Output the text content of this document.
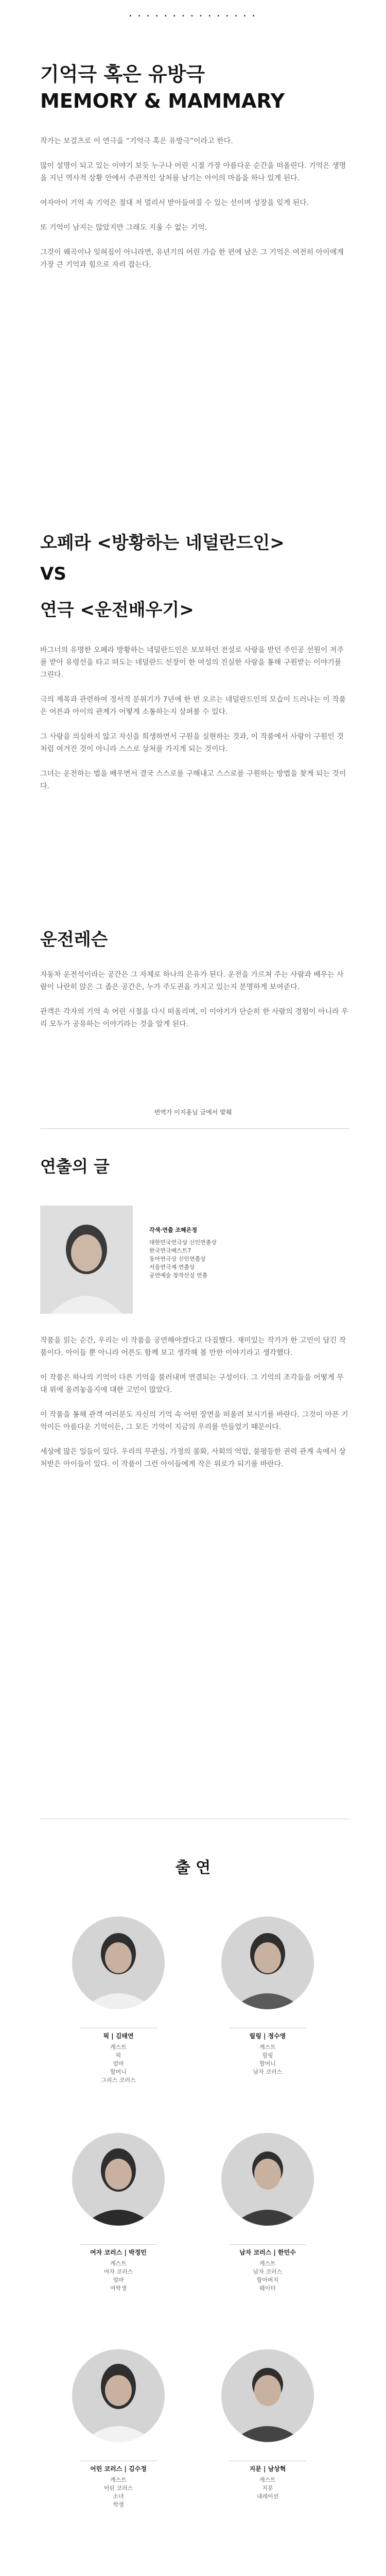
• • • • • • • • • • • • • • •
기억극 혹은 유방극
MEMORY & MAMMARY

작가는 보걸츠로 이 연극을 “기억극 혹은 유방극”이라고 한다.

많이 설명이 되고 있는 이야기 보듯 누구나 어린 시절 가장 아름다운 순간을 떠올린다. 기억은 생명을 지닌 역사적 상황 안에서 주관적인 상처를 남기는 아이의 마음을 하나 있게 된다.

여자아이 기억 속 기억은 절대 저 멀리서 받아들여질 수 있는 선이며 성장을 잊게 된다.

또 기억이 남지는 않았지만 그래도 지울 수 없는 기억.

그것이 왜곡이나 잊혀짐이 아니라면, 유년기의 어린 가슴 한 편에 남은 그 기억은 여전히 아이에게 가장 큰 기억과 힘으로 자리 잡는다.

오페라 <방황하는 네덜란드인>
VS
연극 <운전배우기>

바그너의 유명한 오페라 방황하는 네덜란드인은 보보하던 전설로 사랑을 받던 주인공 선원이 저주를 받아 유령선을 타고 떠도는 네덜란드 선장이 한 여성의 진실한 사랑을 통해 구원받는 이야기를 그린다.

극의 제목과 관련하여 정서적 분위기가 7년에 한 번 오르는 네덜란드인의 모습이 드러나는 이 작품은 어른과 아이의 관계가 어떻게 소통하는지 살펴볼 수 있다.

그 사랑을 의심하지 않고 자신을 희생하면서 구원을 실현하는 것과, 이 작품에서 사랑이 구원인 것처럼 여겨진 것이 아니라 스스로 상처를 가지게 되는 것이다.

그녀는 운전하는 법을 배우면서 결국 스스로를 구해내고 스스로를 구원하는 방법을 찾게 되는 것이다.

운전레슨

자동차 운전석이라는 공간은 그 자체로 하나의 은유가 된다. 운전을 가르쳐 주는 사람과 배우는 사람이 나란히 앉은 그 좁은 공간은, 누가 주도권을 가지고 있는지 분명하게 보여준다.

관객은 각자의 기억 속 어린 시절을 다시 떠올리며, 이 이야기가 단순히 한 사람의 경험이 아니라 우리 모두가 공유하는 이야기라는 것을 알게 된다.

번역가 이지용님 글에서 발췌
연출의 글
각색·연출 조혜은정
대한민국연극상 신인연출상
한국연극베스트7
동아연극상 신인연출상
서울연극제 연출상
공연예술 창작산실 연출

작품을 읽는 순간, 우리는 이 작품을 공연해야겠다고 다짐했다. 재미있는 작가가 한 고민이 담긴 작품이다. 아이들 뿐 아니라 어른도 함께 보고 생각해 볼 만한 이야기라고 생각했다.

이 작품은 하나의 기억이 다른 기억을 불러내며 연결되는 구성이다. 그 기억의 조각들을 어떻게 무대 위에 올려놓을지에 대한 고민이 많았다.

이 작품을 통해 관객 여러분도 자신의 기억 속 어떤 장면을 떠올려 보시기를 바란다. 그것이 아픈 기억이든 아름다운 기억이든, 그 모든 기억이 지금의 우리를 만들었기 때문이다.

세상에 많은 일들이 있다. 우리의 무관심, 가정의 불화, 사회의 억압, 불평등한 권력 관계 속에서 상처받은 아이들이 있다. 이 작품이 그런 아이들에게 작은 위로가 되기를 바란다.

출 연
픽 | 김태연
캐스트
픽
엄마
할머니
그리스 코러스
릴링 | 정수영
캐스트
릴링
할머니
남자 코러스
여자 코러스 | 박정민
캐스트
여자 코러스
엄마
여학생
남자 코러스 | 한민수
캐스트
남자 코러스
할아버지
웨이터
어린 코러스 | 김수정
캐스트
어린 코러스
소녀
학생
지문 | 남상혁
캐스트
지문
내레이션
